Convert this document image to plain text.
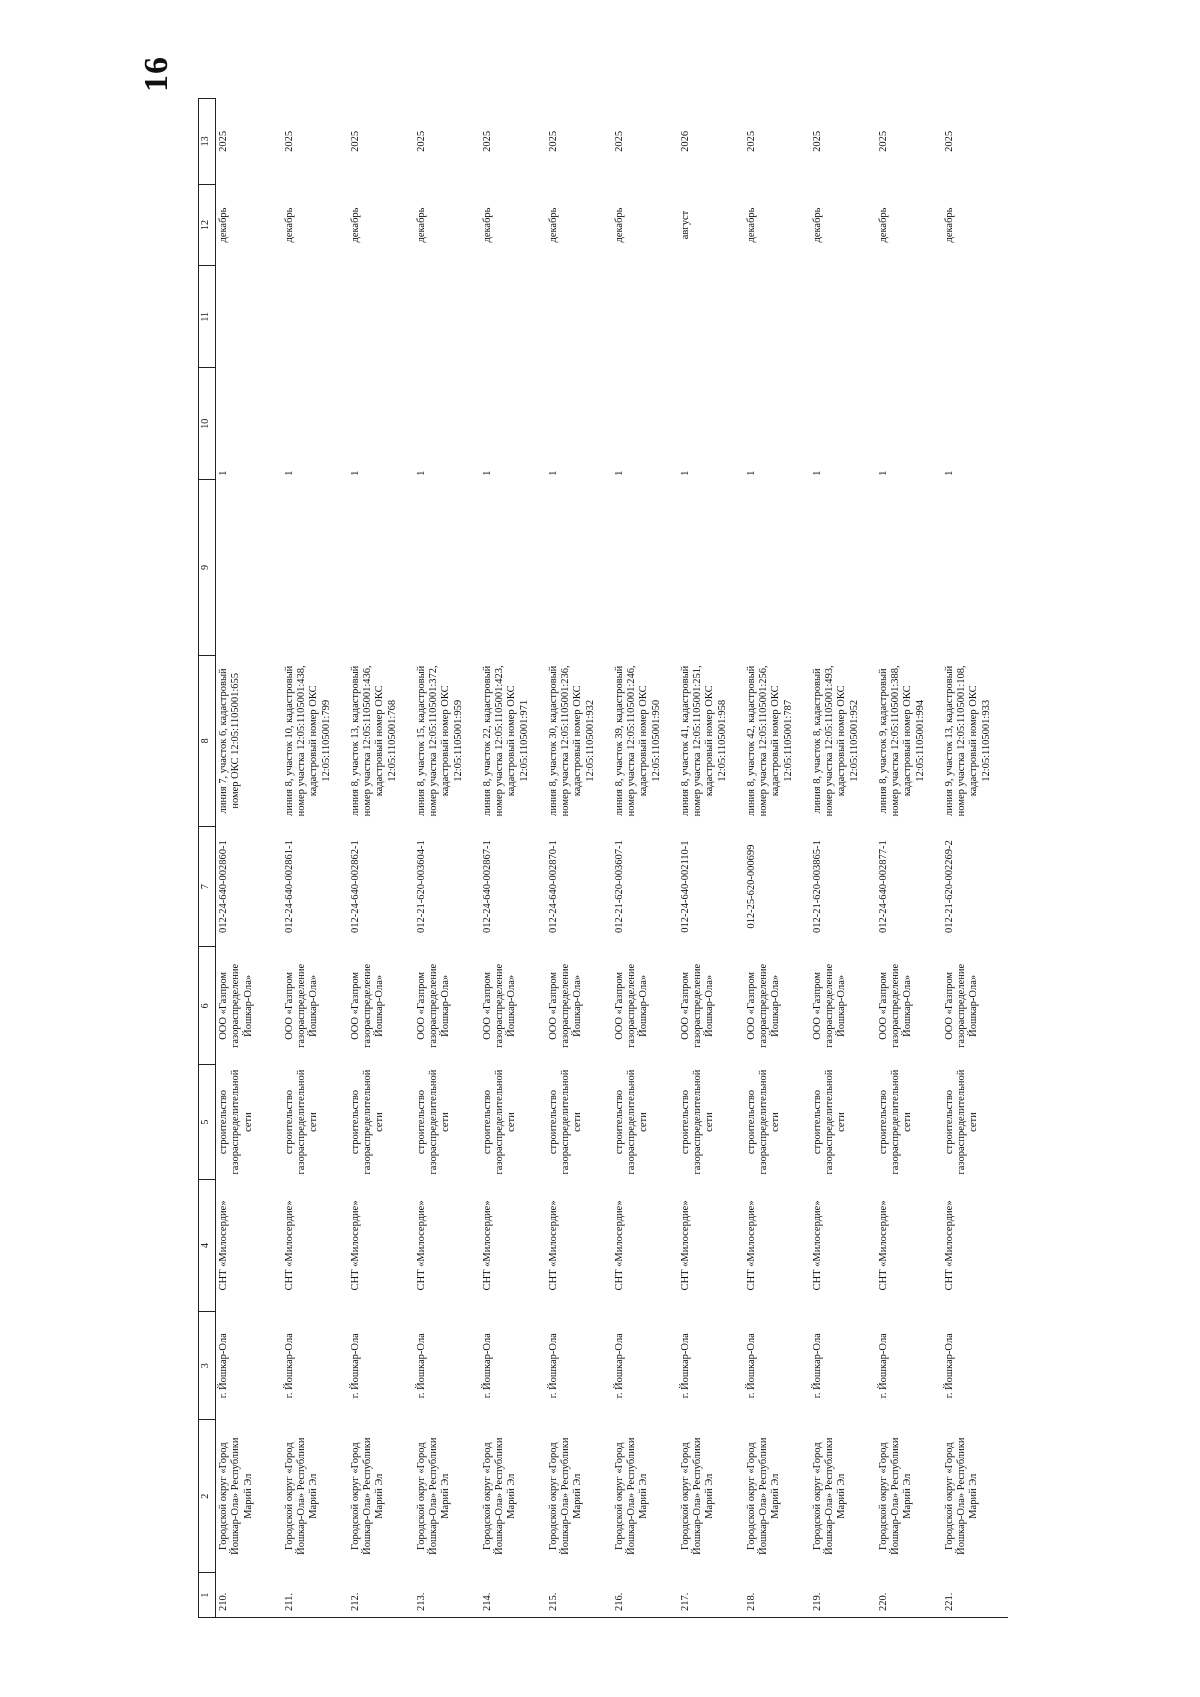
16
1	2	3	4	5	6	7	8	9	10	11	12	13
210.	Городской округ «Город Йошкар-Ола» Республики Марий Эл	г. Йошкар-Ола	СНТ «Милосердие»	строительство газораспределительной сети	ООО «Газпром газораспределение Йошкар-Ола»	012-24-640-002860-1	линия 7, участок 6, кадастровый номер ОКС 12:05:1105001:655		1		декабрь	2025
211.	Городской округ «Город Йошкар-Ола» Республики Марий Эл	г. Йошкар-Ола	СНТ «Милосердие»	строительство газораспределительной сети	ООО «Газпром газораспределение Йошкар-Ола»	012-24-640-002861-1	линия 8, участок 10, кадастровый номер участка 12:05:1105001:438, кадастровый номер ОКС 12:05:1105001:799		1		декабрь	2025
212.	Городской округ «Город Йошкар-Ола» Республики Марий Эл	г. Йошкар-Ола	СНТ «Милосердие»	строительство газораспределительной сети	ООО «Газпром газораспределение Йошкар-Ола»	012-24-640-002862-1	линия 8, участок 13, кадастровый номер участка 12:05:1105001:436, кадастровый номер ОКС 12:05:1105001:768		1		декабрь	2025
213.	Городской округ «Город Йошкар-Ола» Республики Марий Эл	г. Йошкар-Ола	СНТ «Милосердие»	строительство газораспределительной сети	ООО «Газпром газораспределение Йошкар-Ола»	012-21-620-003604-1	линия 8, участок 15, кадастровый номер участка 12:05:1105001:372, кадастровый номер ОКС 12:05:1105001:959		1		декабрь	2025
214.	Городской округ «Город Йошкар-Ола» Республики Марий Эл	г. Йошкар-Ола	СНТ «Милосердие»	строительство газораспределительной сети	ООО «Газпром газораспределение Йошкар-Ола»	012-24-640-002867-1	линия 8, участок 22, кадастровый номер участка 12:05:1105001:423, кадастровый номер ОКС 12:05:1105001:971		1		декабрь	2025
215.	Городской округ «Город Йошкар-Ола» Республики Марий Эл	г. Йошкар-Ола	СНТ «Милосердие»	строительство газораспределительной сети	ООО «Газпром газораспределение Йошкар-Ола»	012-24-640-002870-1	линия 8, участок 30, кадастровый номер участка 12:05:1105001:236, кадастровый номер ОКС 12:05:1105001:932		1		декабрь	2025
216.	Городской округ «Город Йошкар-Ола» Республики Марий Эл	г. Йошкар-Ола	СНТ «Милосердие»	строительство газораспределительной сети	ООО «Газпром газораспределение Йошкар-Ола»	012-21-620-003607-1	линия 8, участок 39, кадастровый номер участка 12:05:1105001:246, кадастровый номер ОКС 12:05:1105001:950		1		декабрь	2025
217.	Городской округ «Город Йошкар-Ола» Республики Марий Эл	г. Йошкар-Ола	СНТ «Милосердие»	строительство газораспределительной сети	ООО «Газпром газораспределение Йошкар-Ола»	012-24-640-002110-1	линия 8, участок 41, кадастровый номер участка 12:05:1105001:251, кадастровый номер ОКС 12:05:1105001:958		1		август	2026
218.	Городской округ «Город Йошкар-Ола» Республики Марий Эл	г. Йошкар-Ола	СНТ «Милосердие»	строительство газораспределительной сети	ООО «Газпром газораспределение Йошкар-Ола»	012-25-620-000699	линия 8, участок 42, кадастровый номер участка 12:05:1105001:256, кадастровый номер ОКС 12:05:1105001:787		1		декабрь	2025
219.	Городской округ «Город Йошкар-Ола» Республики Марий Эл	г. Йошкар-Ола	СНТ «Милосердие»	строительство газораспределительной сети	ООО «Газпром газораспределение Йошкар-Ола»	012-21-620-003865-1	линия 8, участок 8, кадастровый номер участка 12:05:1105001:493, кадастровый номер ОКС 12:05:1105001:952		1		декабрь	2025
220.	Городской округ «Город Йошкар-Ола» Республики Марий Эл	г. Йошкар-Ола	СНТ «Милосердие»	строительство газораспределительной сети	ООО «Газпром газораспределение Йошкар-Ола»	012-24-640-002877-1	линия 8, участок 9, кадастровый номер участка 12:05:1105001:388, кадастровый номер ОКС 12:05:1105001:994		1		декабрь	2025
221.	Городской округ «Город Йошкар-Ола» Республики Марий Эл	г. Йошкар-Ола	СНТ «Милосердие»	строительство газораспределительной сети	ООО «Газпром газораспределение Йошкар-Ола»	012-21-620-002269-2	линия 9, участок 13, кадастровый номер участка 12:05:1105001:108, кадастровый номер ОКС 12:05:1105001:933		1		декабрь	2025
